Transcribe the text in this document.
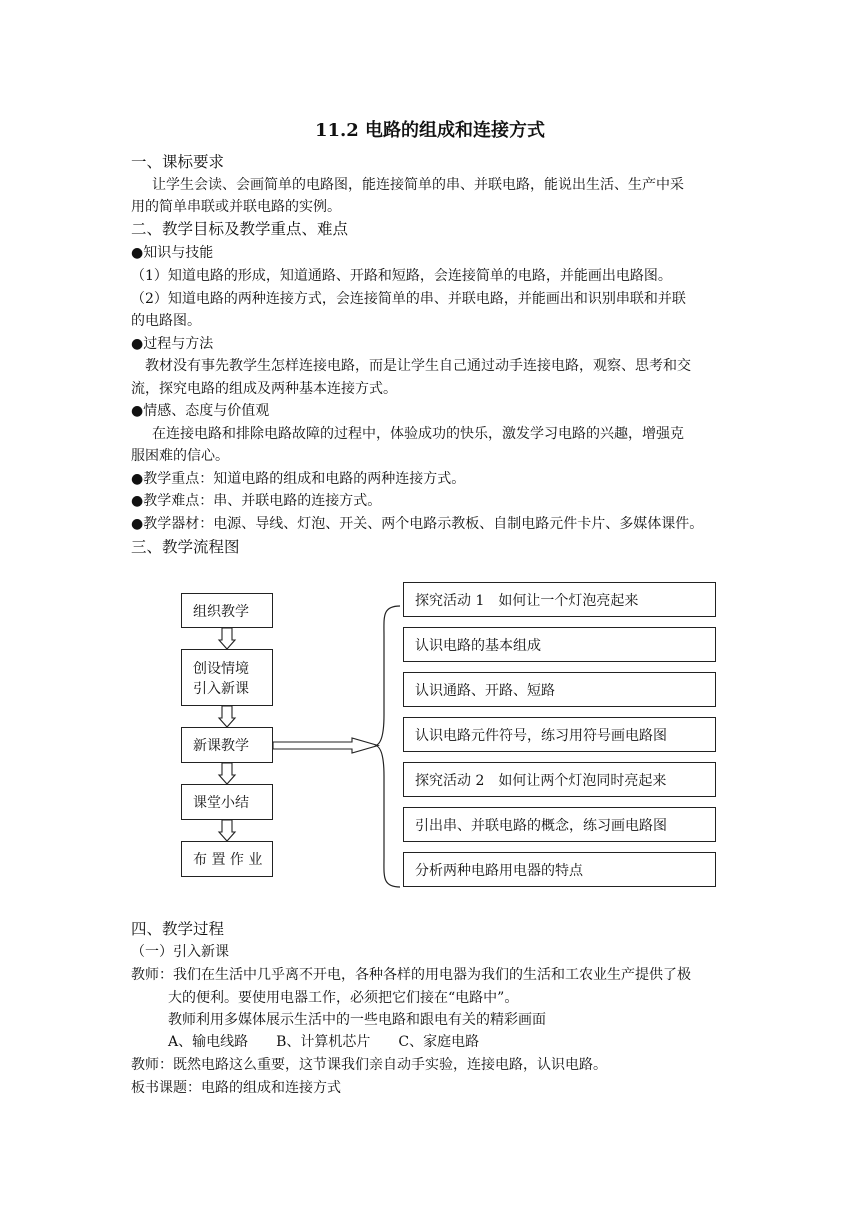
11.2 电路的组成和连接方式
一、课标要求
让学生会读、会画简单的电路图，能连接简单的串、并联电路，能说出生活、生产中采
用的简单串联或并联电路的实例。
二、教学目标及教学重点、难点
●知识与技能
（1）知道电路的形成，知道通路、开路和短路，会连接简单的电路，并能画出电路图。
（2）知道电路的两种连接方式，会连接简单的串、并联电路，并能画出和识别串联和并联
的电路图。
●过程与方法
教材没有事先教学生怎样连接电路，而是让学生自己通过动手连接电路，观察、思考和交
流，探究电路的组成及两种基本连接方式。
●情感、态度与价值观
在连接电路和排除电路故障的过程中，体验成功的快乐，激发学习电路的兴趣，增强克
服困难的信心。
●教学重点：知道电路的组成和电路的两种连接方式。
●教学难点：串、并联电路的连接方式。
●教学器材：电源、导线、灯泡、开关、两个电路示教板、自制电路元件卡片、多媒体课件。
三、教学流程图
组织教学
创设情境
引入新课
新课教学
课堂小结
布 置 作 业
探究活动 1　如何让一个灯泡亮起来
认识电路的基本组成
认识通路、开路、短路
认识电路元件符号，练习用符号画电路图
探究活动 2　如何让两个灯泡同时亮起来
引出串、并联电路的概念，练习画电路图
分析两种电路用电器的特点
四、教学过程
（一）引入新课
教师：我们在生活中几乎离不开电，各种各样的用电器为我们的生活和工农业生产提供了极
大的便利。要使用电器工作，必须把它们接在“电路中”。
教师利用多媒体展示生活中的一些电路和跟电有关的精彩画面
A、输电线路　　B、计算机芯片　　C、家庭电路
教师：既然电路这么重要，这节课我们亲自动手实验，连接电路，认识电路。
板书课题：电路的组成和连接方式
